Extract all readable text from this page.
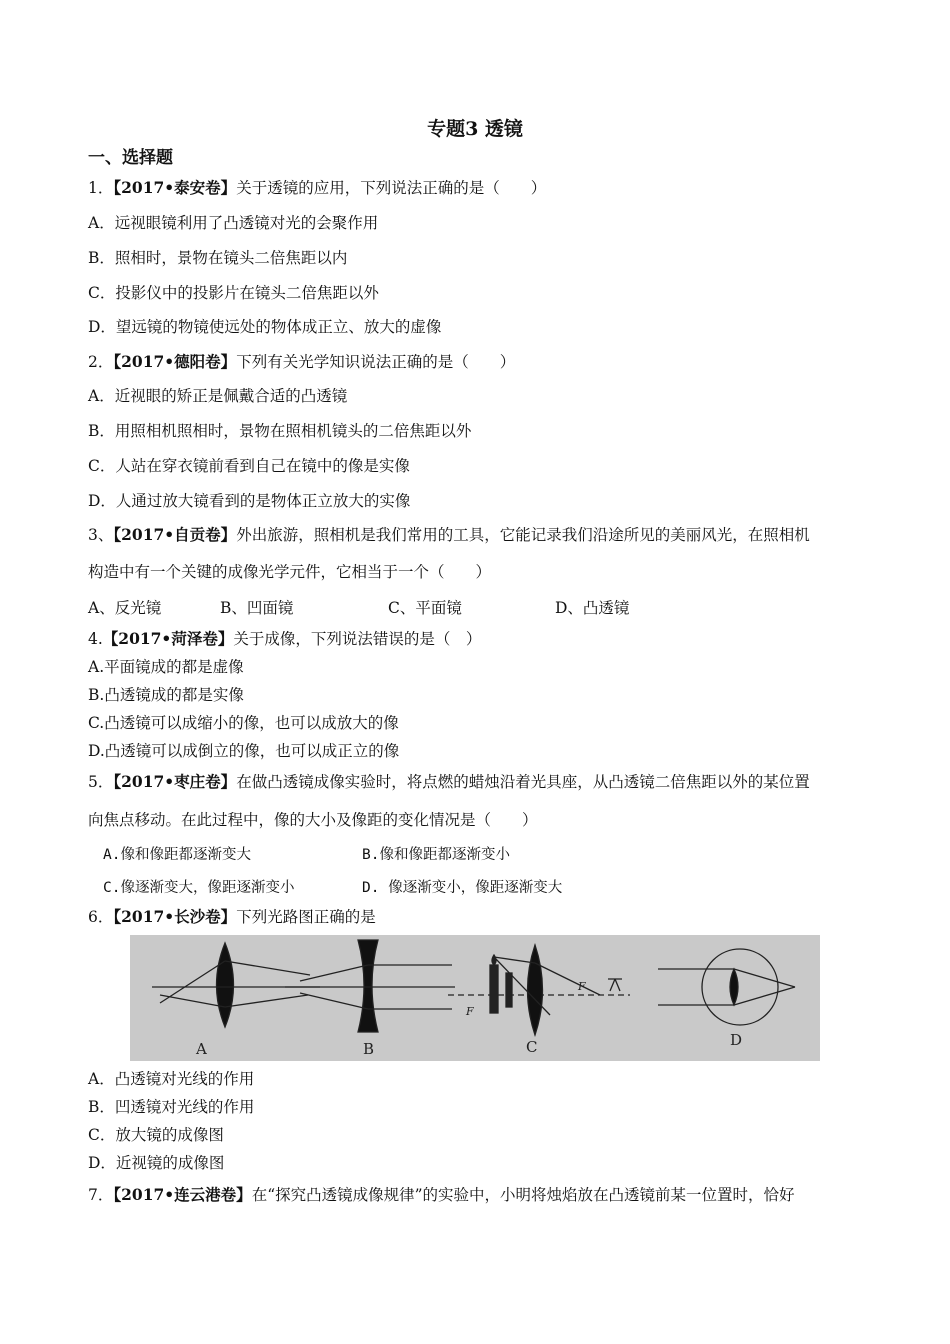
专题3 透镜
一、选择题
1．【2017•泰安卷】关于透镜的应用，下列说法正确的是（　　）
A．远视眼镜利用了凸透镜对光的会聚作用
B．照相时，景物在镜头二倍焦距以内
C．投影仪中的投影片在镜头二倍焦距以外
D．望远镜的物镜使远处的物体成正立、放大的虚像
2．【2017•德阳卷】下列有关光学知识说法正确的是（　　）
A．近视眼的矫正是佩戴合适的凸透镜
B．用照相机照相时，景物在照相机镜头的二倍焦距以外
C．人站在穿衣镜前看到自己在镜中的像是实像
D．人通过放大镜看到的是物体正立放大的实像
3、【2017•自贡卷】外出旅游，照相机是我们常用的工具，它能记录我们沿途所见的美丽风光，在照相机
构造中有一个关键的成像光学元件，它相当于一个（　　）
A、反光镜	B、凹面镜	C、平面镜	D、凸透镜
4.【2017•菏泽卷】关于成像，下列说法错误的是（　）
A.平面镜成的都是虚像
B.凸透镜成的都是实像
C.凸透镜可以成缩小的像，也可以成放大的像
D.凸透镜可以成倒立的像，也可以成正立的像
5．【2017•枣庄卷】在做凸透镜成像实验时，将点燃的蜡烛沿着光具座，从凸透镜二倍焦距以外的某位置
向焦点移动。在此过程中，像的大小及像距的变化情况是（　　）
A.像和像距都逐渐变大	B.像和像距都逐渐变小
C.像逐渐变大，像距逐渐变小	D. 像逐渐变小，像距逐渐变大
6．【2017•长沙卷】下列光路图正确的是
A	B	C	D
F
F
A．凸透镜对光线的作用
B．凹透镜对光线的作用
C．放大镜的成像图
D．近视镜的成像图
7．【2017•连云港卷】在“探究凸透镜成像规律”的实验中，小明将烛焰放在凸透镜前某一位置时，恰好
